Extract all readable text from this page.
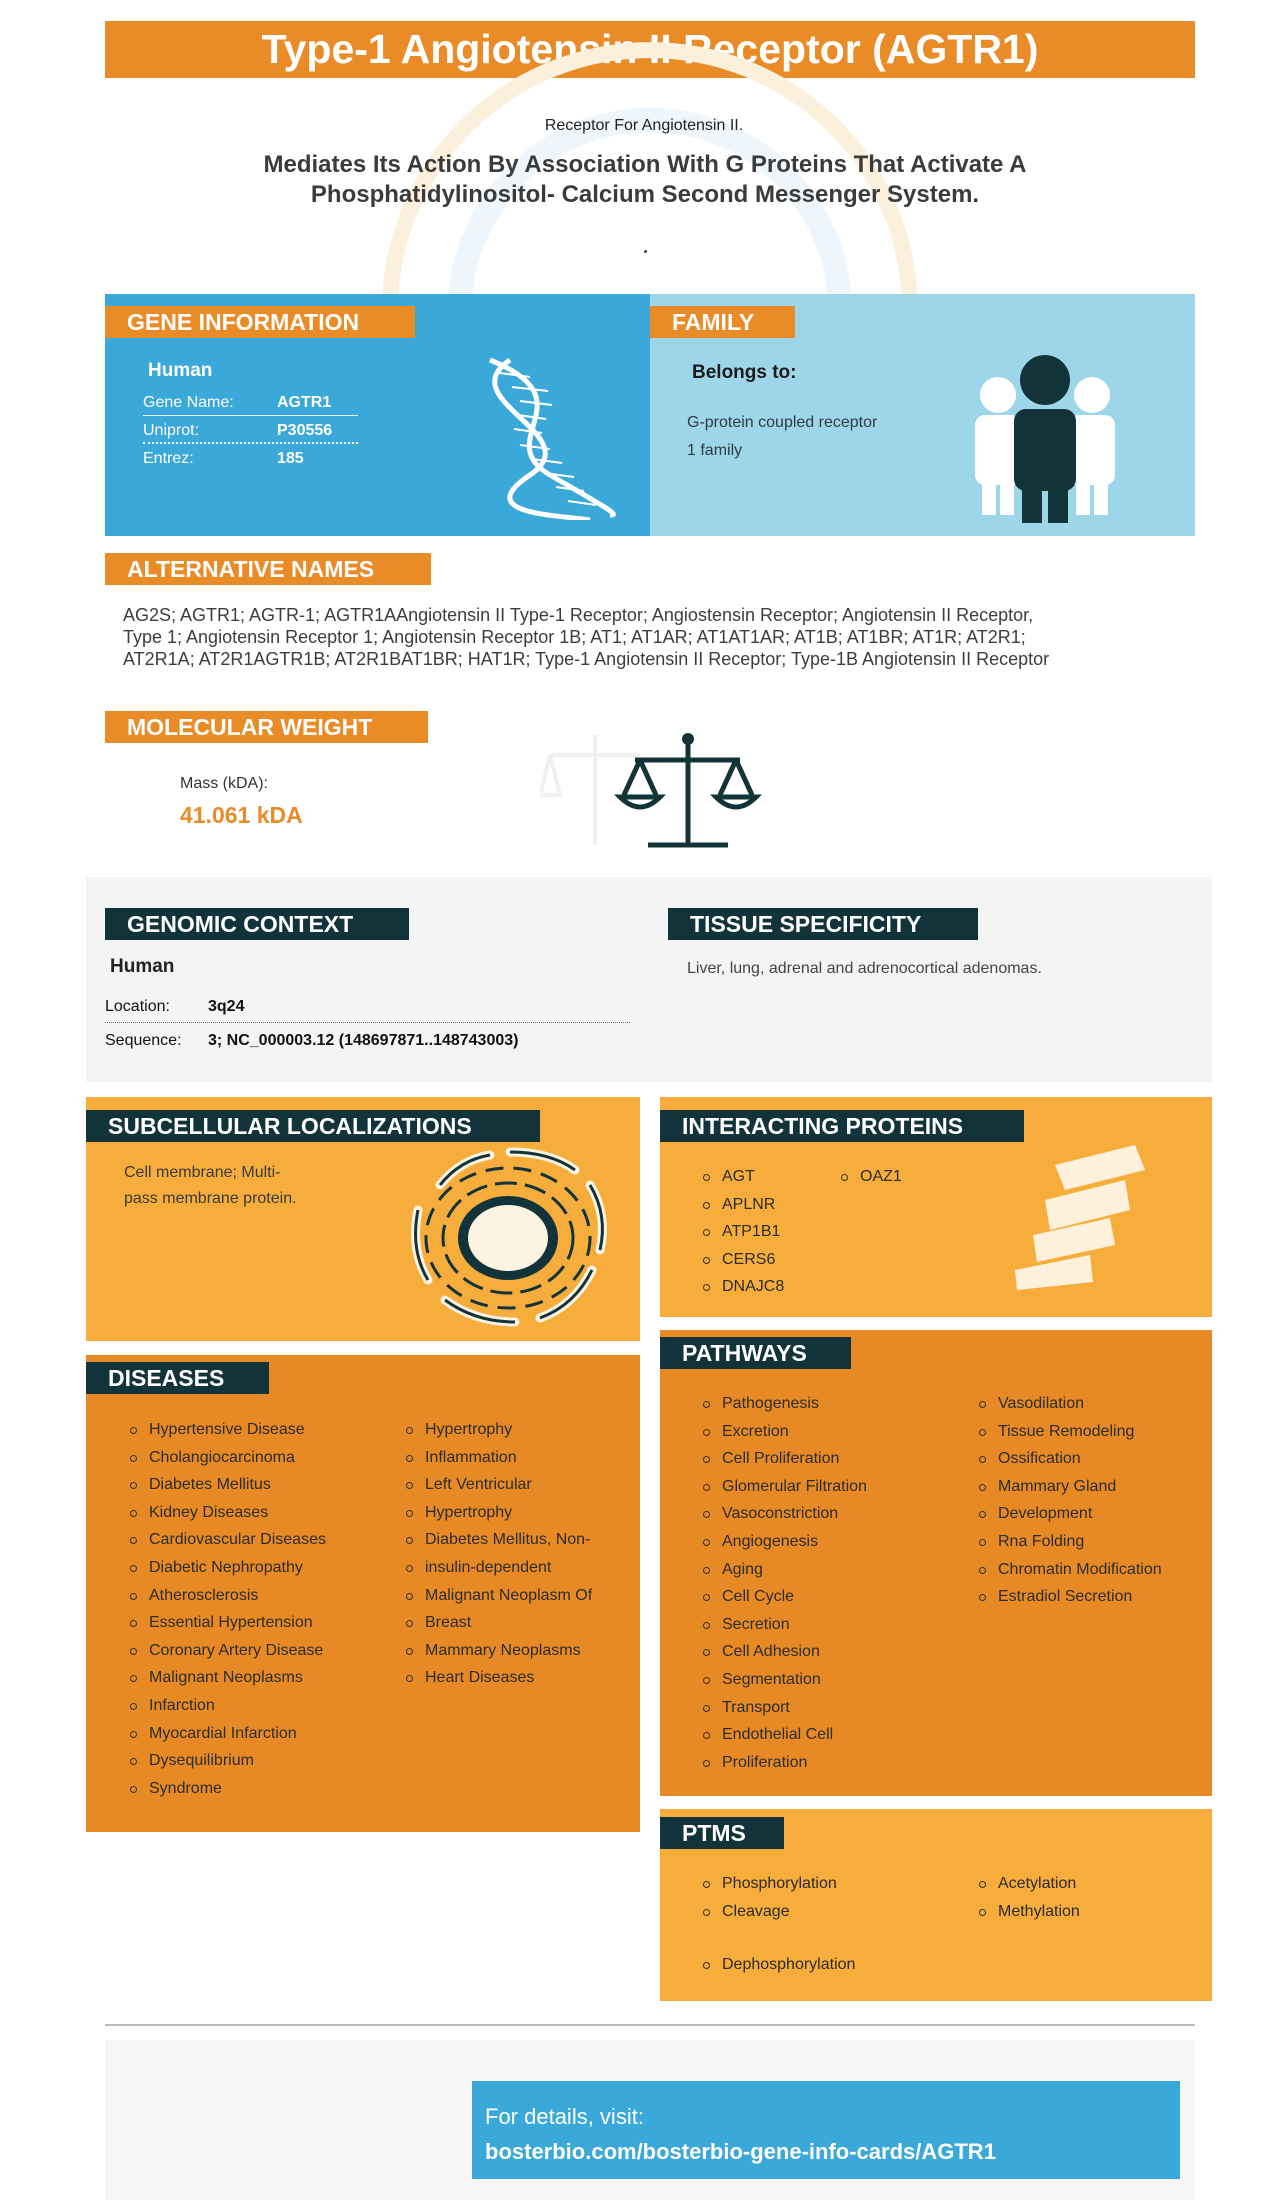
Type-1 Angiotensin II Receptor (AGTR1)
Receptor For Angiotensin II.
Mediates Its Action By Association With G Proteins That Activate A
Phosphatidylinositol- Calcium Second Messenger System.
GENE INFORMATION
Human
Gene Name:	AGTR1
Uniprot:	P30556
Entrez:	185
FAMILY
Belongs to:
G-protein coupled receptor
1 family
ALTERNATIVE NAMES
AG2S; AGTR1; AGTR-1; AGTR1AAngiotensin II Type-1 Receptor; Angiostensin Receptor; Angiotensin II Receptor,
Type 1; Angiotensin Receptor 1; Angiotensin Receptor 1B; AT1; AT1AR; AT1AT1AR; AT1B; AT1BR; AT1R; AT2R1;
AT2R1A; AT2R1AGTR1B; AT2R1BAT1BR; HAT1R; Type-1 Angiotensin II Receptor; Type-1B Angiotensin II Receptor
MOLECULAR WEIGHT
Mass (kDA):
41.061 kDA
GENOMIC CONTEXT
Human
Location: 3q24
Sequence: 3; NC_000003.12 (148697871..148743003)
TISSUE SPECIFICITY
Liver, lung, adrenal and adrenocortical adenomas.
SUBCELLULAR LOCALIZATIONS
Cell membrane; Multi-
pass membrane protein.
INTERACTING PROTEINS
AGT
APLNR
ATP1B1
CERS6
DNAJC8
OAZ1
DISEASES
Hypertensive Disease
Cholangiocarcinoma
Diabetes Mellitus
Kidney Diseases
Cardiovascular Diseases
Diabetic Nephropathy
Atherosclerosis
Essential Hypertension
Coronary Artery Disease
Malignant Neoplasms
Infarction
Myocardial Infarction
Dysequilibrium
Syndrome
Hypertrophy
Inflammation
Left Ventricular
Hypertrophy
Diabetes Mellitus, Non-
insulin-dependent
Malignant Neoplasm Of
Breast
Mammary Neoplasms
Heart Diseases
PATHWAYS
Pathogenesis
Excretion
Cell Proliferation
Glomerular Filtration
Vasoconstriction
Angiogenesis
Aging
Cell Cycle
Secretion
Cell Adhesion
Segmentation
Transport
Endothelial Cell
Proliferation
Vasodilation
Tissue Remodeling
Ossification
Mammary Gland
Development
Rna Folding
Chromatin Modification
Estradiol Secretion
PTMS
Phosphorylation
Cleavage
Acetylation
Methylation
Dephosphorylation
For details, visit:
bosterbio.com/bosterbio-gene-info-cards/AGTR1
